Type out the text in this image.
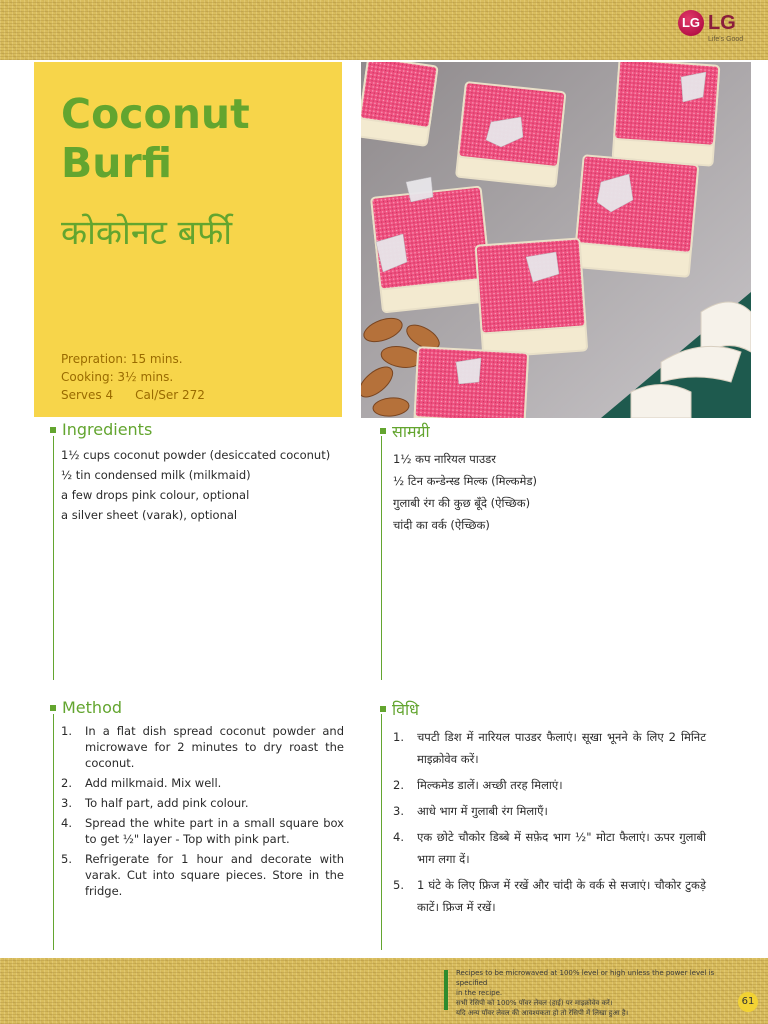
LG LG
Life's Good
Coconut
Burfi
कोकोनट बर्फी
Prepration: 15 mins.
Cooking: 3½ mins.
Serves 4 Cal/Ser 272
Ingredients
1½ cups coconut powder (desiccated coconut)
½ tin condensed milk (milkmaid)
a few drops pink colour, optional
a silver sheet (varak), optional
सामग्री
1½ कप नारियल पाउडर
½ टिन कन्डेन्स्ड मिल्क (मिल्कमेड)
गुलाबी रंग की कुछ बूँदे (ऐच्छिक)
चांदी का वर्क (ऐच्छिक)
Method
1.	In a flat dish spread coconut powder and microwave for 2 minutes to dry roast the coconut.
2.	Add milkmaid. Mix well.
3.	To half part, add pink colour.
4.	Spread the white part in a small square box to get ½" layer - Top with pink part.
5.	Refrigerate for 1 hour and decorate with varak. Cut into square pieces. Store in the fridge.
विधि
1.	चपटी डिश में नारियल पाउडर फैलाएं। सूखा भूनने के लिए 2 मिनिट माइक्रोवेव करें।
2.	मिल्कमेड डालें। अच्छी तरह मिलाएं।
3.	आधे भाग में गुलाबी रंग मिलाएँ।
4.	एक छोटे चौकोर डिब्बे में सफ़ेद भाग ½" मोटा फैलाएं। ऊपर गुलाबी भाग लगा दें।
5.	1 घंटे के लिए फ्रिज में रखें और चांदी के वर्क से सजाएं। चौकोर टुकड़े काटें। फ्रिज में रखें।
Recipes to be microwaved at 100% level or high unless the power level is specified
in the recipe.
सभी रेसिपी को 100% पॉवर लेवल (हाई) पर माइक्रोवेव करें।
यदि अन्य पॉवर लेवल की आवश्यकता हो तो रेसिपी में लिखा हुआ है।
61
